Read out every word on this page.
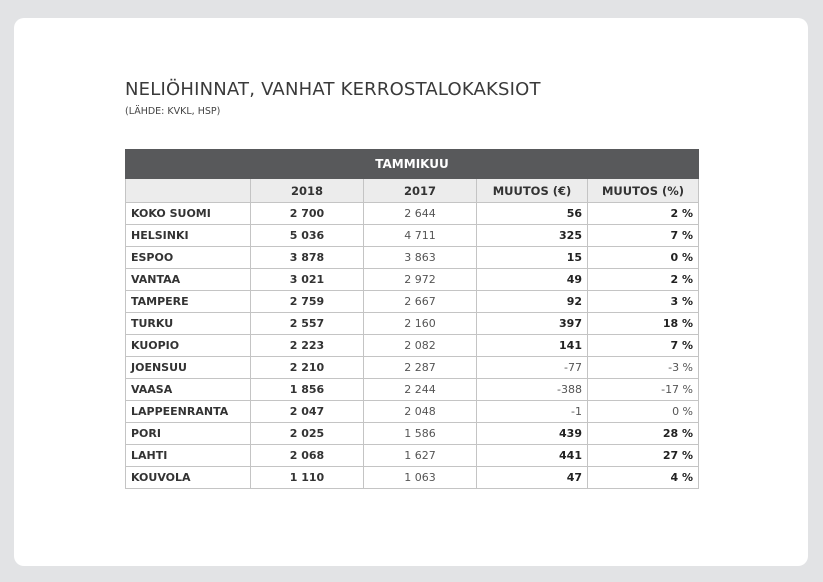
NELIÖHINNAT, VANHAT KERROSTALOKAKSIOT
(LÄHDE: KVKL, HSP)
TAMMIKUU				
	2018	2017	MUUTOS (€)	MUUTOS (%)
KOKO SUOMI	2 700	2 644	56	2 %
HELSINKI	5 036	4 711	325	7 %
ESPOO	3 878	3 863	15	0 %
VANTAA	3 021	2 972	49	2 %
TAMPERE	2 759	2 667	92	3 %
TURKU	2 557	2 160	397	18 %
KUOPIO	2 223	2 082	141	7 %
JOENSUU	2 210	2 287	-77	-3 %
VAASA	1 856	2 244	-388	-17 %
LAPPEENRANTA	2 047	2 048	-1	0 %
PORI	2 025	1 586	439	28 %
LAHTI	2 068	1 627	441	27 %
KOUVOLA	1 110	1 063	47	4 %
